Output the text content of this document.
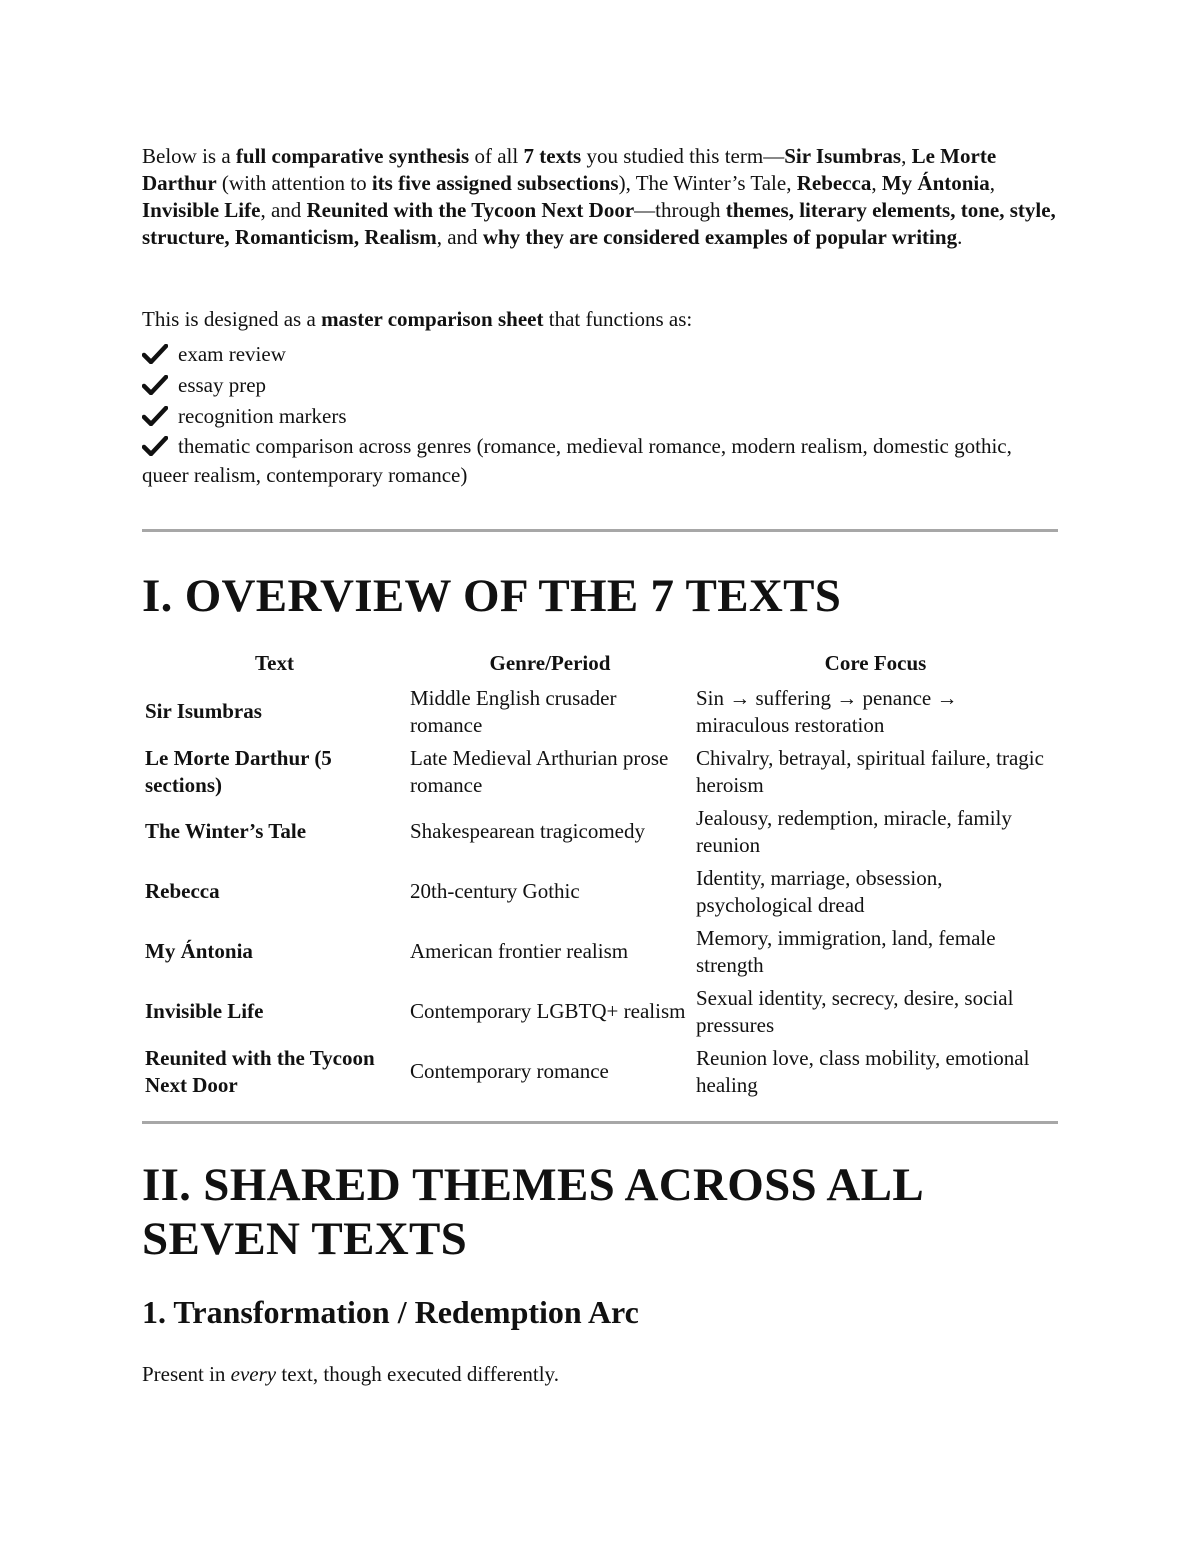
Below is a full comparative synthesis of all 7 texts you studied this term—Sir Isumbras, Le Morte Darthur (with attention to its five assigned subsections), The Winter’s Tale, Rebecca, My Ántonia, Invisible Life, and Reunited with the Tycoon Next Door—through themes, literary elements, tone, style, structure, Romanticism, Realism, and why they are considered examples of popular writing.

This is designed as a master comparison sheet that functions as:

exam review
essay prep
recognition markers
thematic comparison across genres (romance, medieval romance, modern realism, domestic gothic, queer realism, contemporary romance)
I. OVERVIEW OF THE 7 TEXTS
Text	Genre/Period	Core Focus
Sir Isumbras	Middle English crusader romance	Sin → suffering → penance → miraculous restoration
Le Morte Darthur (5 sections)	Late Medieval Arthurian prose romance	Chivalry, betrayal, spiritual failure, tragic heroism
The Winter’s Tale	Shakespearean tragicomedy	Jealousy, redemption, miracle, family reunion
Rebecca	20th-century Gothic	Identity, marriage, obsession, psychological dread
My Ántonia	American frontier realism	Memory, immigration, land, female strength
Invisible Life	Contemporary LGBTQ+ realism	Sexual identity, secrecy, desire, social pressures
Reunited with the Tycoon Next Door	Contemporary romance	Reunion love, class mobility, emotional healing
II. SHARED THEMES ACROSS ALL SEVEN TEXTS
1. Transformation / Redemption Arc

Present in every text, though executed differently.
